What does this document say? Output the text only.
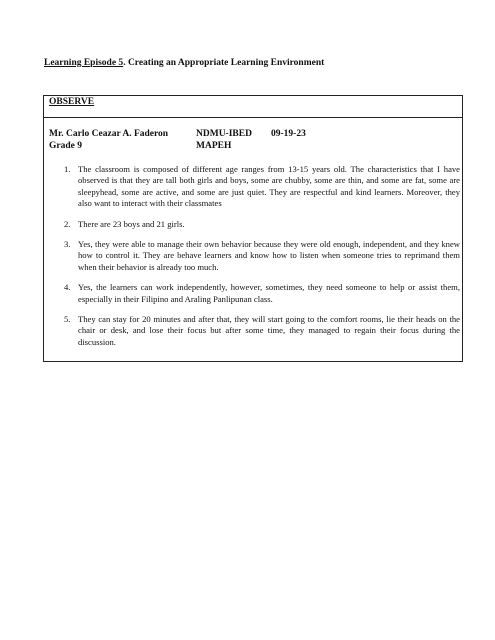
Learning Episode 5. Creating an Appropriate Learning Environment
OBSERVE
Mr. Carlo Ceazar A. Faderon
Grade 9
NDMU-IBED
MAPEH
09-19-23
1. The classroom is composed of different age ranges from 13-15 years old. The characteristics that I have observed is that they are tall both girls and boys, some are chubby, some are thin, and some are fat, some are sleepyhead, some are active, and some are just quiet. They are respectful and kind learners. Moreover, they also want to interact with their classmates
2. There are 23 boys and 21 girls.
3. Yes, they were able to manage their own behavior because they were old enough, independent, and they knew how to control it. They are behave learners and know how to listen when someone tries to reprimand them when their behavior is already too much.
4. Yes, the learners can work independently, however, sometimes, they need someone to help or assist them, especially in their Filipino and Araling Panlipunan class.
5. They can stay for 20 minutes and after that, they will start going to the comfort rooms, lie their heads on the chair or desk, and lose their focus but after some time, they managed to regain their focus during the discussion.
